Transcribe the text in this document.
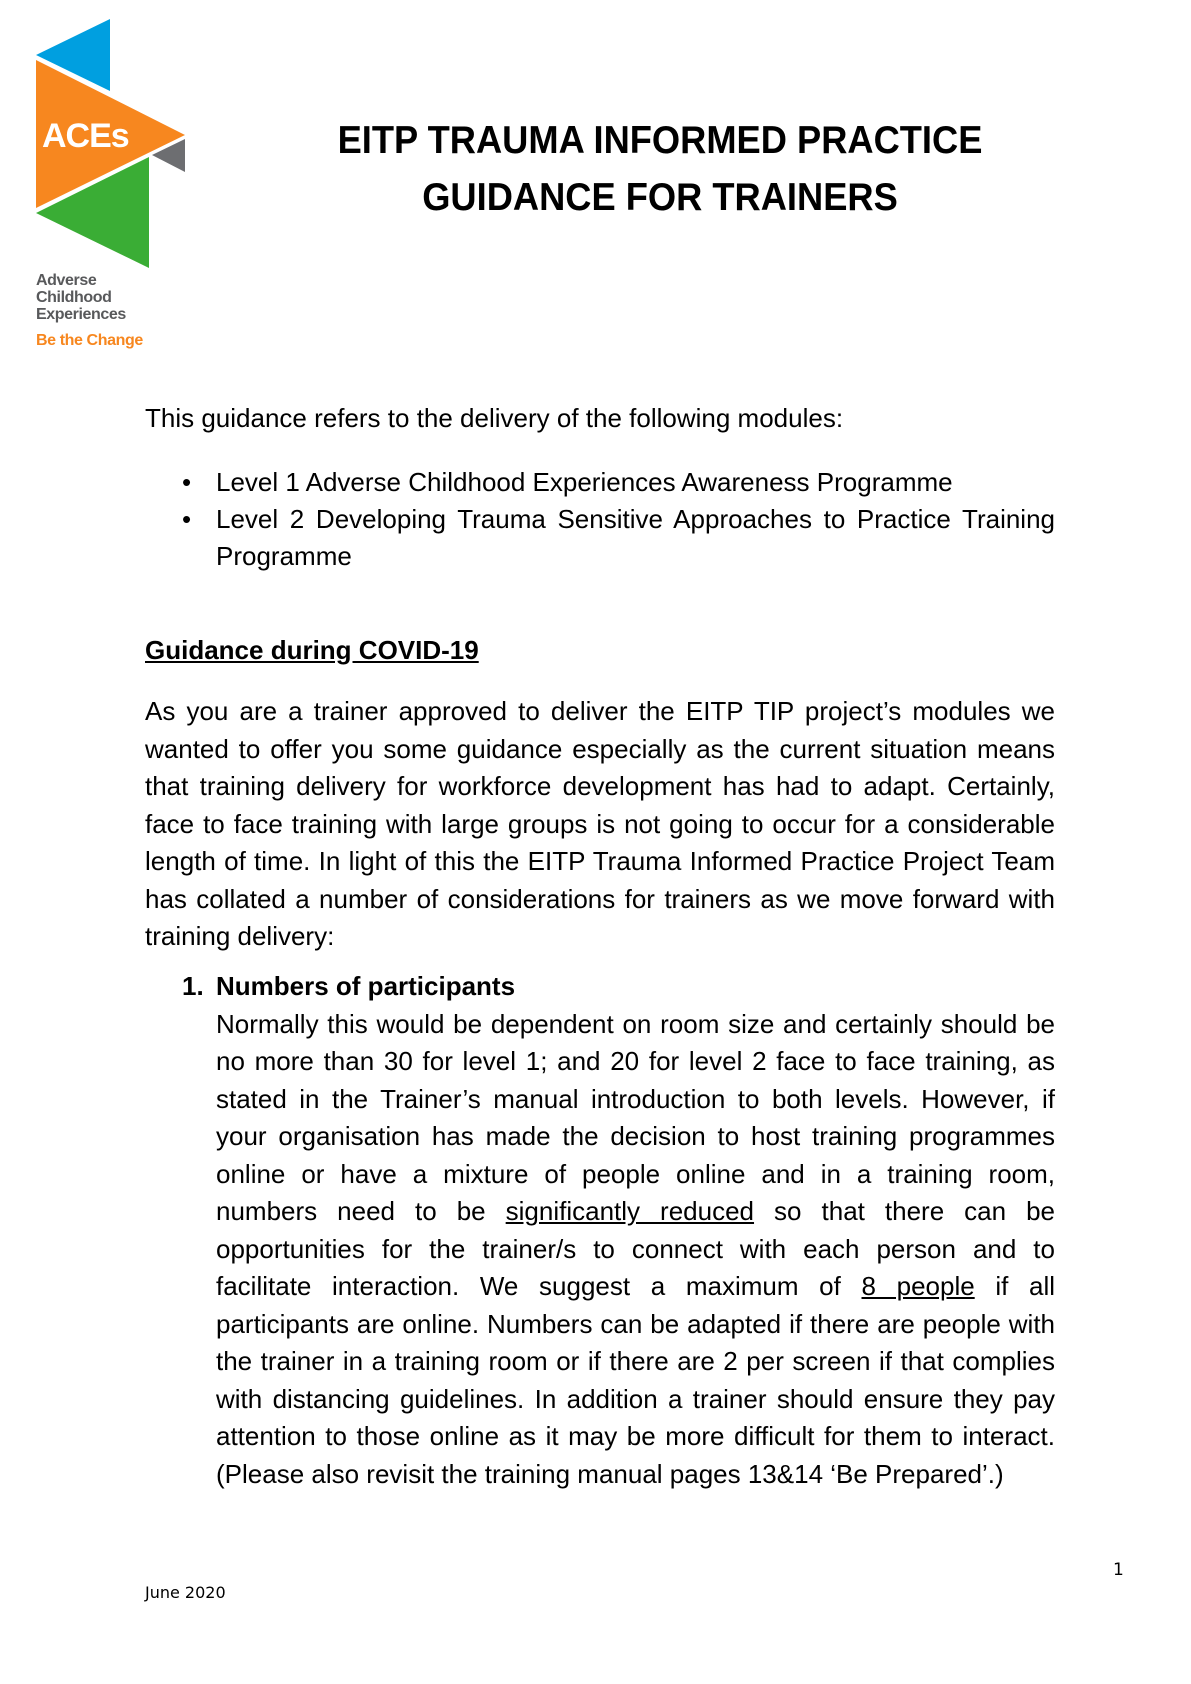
ACEs
Adverse
Childhood
Experiences
Be the Change
EITP TRAUMA INFORMED PRACTICE
GUIDANCE FOR TRAINERS
This guidance refers to the delivery of the following modules:
• Level 1 Adverse Childhood Experiences Awareness Programme
• Level 2 Developing Trauma Sensitive Approaches to Practice Training Programme
Guidance during COVID-19
As you are a trainer approved to deliver the EITP TIP project’s modules we wanted to offer you some guidance especially as the current situation means that training delivery for workforce development has had to adapt. Certainly, face to face training with large groups is not going to occur for a considerable length of time. In light of this the EITP Trauma Informed Practice Project Team has collated a number of considerations for trainers as we move forward with training delivery:
1. Numbers of participants
Normally this would be dependent on room size and certainly should be no more than 30 for level 1; and 20 for level 2 face to face training, as stated in the Trainer’s manual introduction to both levels. However, if your organisation has made the decision to host training programmes online or have a mixture of people online and in a training room, numbers need to be significantly reduced so that there can be opportunities for the trainer/s to connect with each person and to facilitate interaction. We suggest a maximum of 8 people if all participants are online. Numbers can be adapted if there are people with the trainer in a training room or if there are 2 per screen if that complies with distancing guidelines. In addition a trainer should ensure they pay attention to those online as it may be more difficult for them to interact. (Please also revisit the training manual pages 13&14 ‘Be Prepared’.)
1
June 2020
